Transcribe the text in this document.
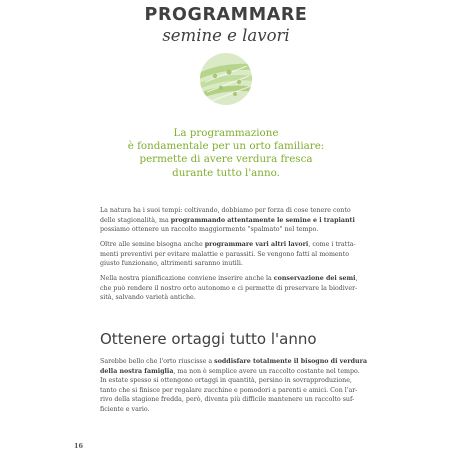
PROGRAMMARE
semine e lavori
La programmazione
è fondamentale per un orto familiare:
permette di avere verdura fresca
durante tutto l'anno.
La natura ha i suoi tempi: coltivando, dobbiamo per forza di cose tenere conto
delle stagionalità, ma programmando attentamente le semine e i trapianti
possiamo ottenere un raccolto maggiormente "spalmato" nel tempo.
Oltre alle semine bisogna anche programmare vari altri lavori, come i tratta-
menti preventivi per evitare malattie e parassiti. Se vengono fatti al momento
giusto funzionano, altrimenti saranno inutili.
Nella nostra pianificazione conviene inserire anche la conservazione dei semi,
che può rendere il nostro orto autonomo e ci permette di preservare la biodiver-
sità, salvando varietà antiche.
Ottenere ortaggi tutto l'anno
Sarebbe bello che l'orto riuscisse a soddisfare totalmente il bisogno di verdura
della nostra famiglia, ma non è semplice avere un raccolto costante nel tempo.
In estate spesso si ottengono ortaggi in quantità, persino in sovrapproduzione,
tanto che si finisce per regalare zucchine e pomodori a parenti e amici. Con l'ar-
rivo della stagione fredda, però, diventa più difficile mantenere un raccolto suf-
ficiente e vario.
16
